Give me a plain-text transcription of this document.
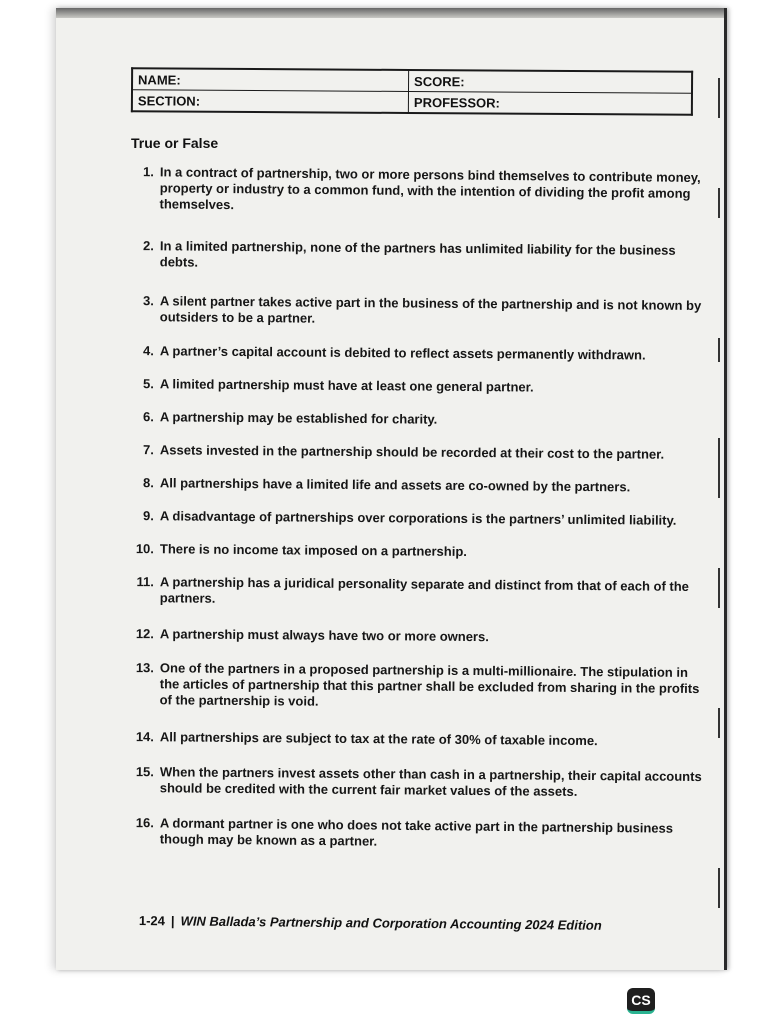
NAME:	SCORE:
SECTION:	PROFESSOR:
True or False
1. In a contract of partnership, two or more persons bind themselves to contribute money, property or industry to a common fund, with the intention of dividing the profit among themselves.
2. In a limited partnership, none of the partners has unlimited liability for the business debts.
3. A silent partner takes active part in the business of the partnership and is not known by outsiders to be a partner.
4. A partner’s capital account is debited to reflect assets permanently withdrawn.
5. A limited partnership must have at least one general partner.
6. A partnership may be established for charity.
7. Assets invested in the partnership should be recorded at their cost to the partner.
8. All partnerships have a limited life and assets are co-owned by the partners.
9. A disadvantage of partnerships over corporations is the partners’ unlimited liability.
10. There is no income tax imposed on a partnership.
11. A partnership has a juridical personality separate and distinct from that of each of the partners.
12. A partnership must always have two or more owners.
13. One of the partners in a proposed partnership is a multi-millionaire. The stipulation in the articles of partnership that this partner shall be excluded from sharing in the profits of the partnership is void.
14. All partnerships are subject to tax at the rate of 30% of taxable income.
15. When the partners invest assets other than cash in a partnership, their capital accounts should be credited with the current fair market values of the assets.
16. A dormant partner is one who does not take active part in the partnership business though may be known as a partner.
1-24 | WIN Ballada’s Partnership and Corporation Accounting 2024 Edition
CS
